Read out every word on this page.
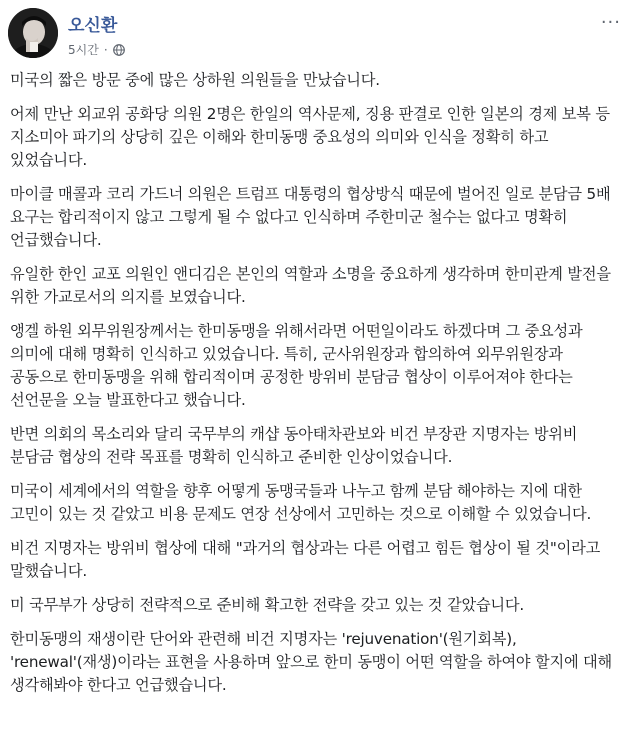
오신환
5시간 ·
···

미국의 짧은 방문 중에 많은 상하원 의원들을 만났습니다.

어제 만난 외교위 공화당 의원 2명은 한일의 역사문제, 징용 판결로 인한 일본의 경제 보복 등 지소미아 파기의 상당히 깊은 이해와 한미동맹 중요성의 의미와 인식을 정확히 하고 있었습니다.

마이클 매콜과 코리 가드너 의원은 트럼프 대통령의 협상방식 때문에 벌어진 일로 분담금 5배 요구는 합리적이지 않고 그렇게 될 수 없다고 인식하며 주한미군 철수는 없다고 명확히 언급했습니다.

유일한 한인 교포 의원인 앤디김은 본인의 역할과 소명을 중요하게 생각하며 한미관계 발전을 위한 가교로서의 의지를 보였습니다.

앵겔 하원 외무위원장께서는 한미동맹을 위해서라면 어떤일이라도 하겠다며 그 중요성과 의미에 대해 명확히 인식하고 있었습니다. 특히, 군사위원장과 합의하여 외무위원장과 공동으로 한미동맹을 위해 합리적이며 공정한 방위비 분담금 협상이 이루어져야 한다는 선언문을 오늘 발표한다고 했습니다.

반면 의회의 목소리와 달리 국무부의 캐샵 동아태차관보와 비건 부장관 지명자는 방위비 분담금 협상의 전략 목표를 명확히 인식하고 준비한 인상이었습니다.

미국이 세계에서의 역할을 향후 어떻게 동맹국들과 나누고 함께 분담 해야하는 지에 대한 고민이 있는 것 같았고 비용 문제도 연장 선상에서 고민하는 것으로 이해할 수 있었습니다.

비건 지명자는 방위비 협상에 대해 "과거의 협상과는 다른 어렵고 힘든 협상이 될 것"이라고 말했습니다.

미 국무부가 상당히 전략적으로 준비해 확고한 전략을 갖고 있는 것 같았습니다.

한미동맹의 재생이란 단어와 관련해 비건 지명자는 'rejuvenation'(원기회복), 'renewal'(재생)이라는 표현을 사용하며 앞으로 한미 동맹이 어떤 역할을 하여야 할지에 대해 생각해봐야 한다고 언급했습니다.
